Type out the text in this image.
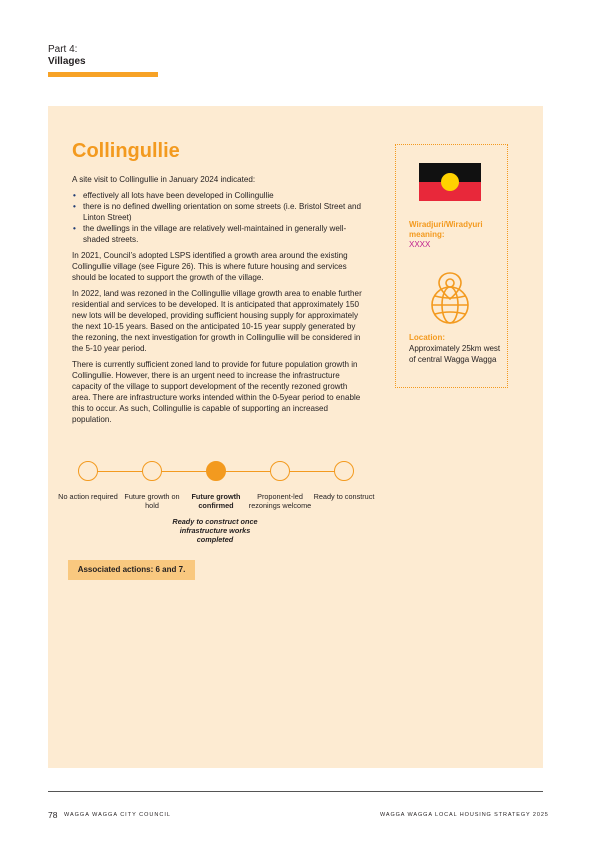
Part 4:
Villages
Collingullie

A site visit to Collingullie in January 2024 indicated:

• effectively all lots have been developed in Collingullie
• there is no defined dwelling orientation on some streets (i.e. Bristol Street and Linton Street)
• the dwellings in the village are relatively well-maintained in generally well-shaded streets.

In 2021, Council’s adopted LSPS identified a growth area around the existing Collingullie village (see Figure 26). This is where future housing and services should be located to support the growth of the village.

In 2022, land was rezoned in the Collingullie village growth area to enable further residential and services to be developed. It is anticipated that approximately 150 new lots will be developed, providing sufficient housing supply for approximately the next 10-15 years. Based on the anticipated 10-15 year supply generated by the rezoning, the next investigation for growth in Collingullie will be considered in the 5-10 year period.

There is currently sufficient zoned land to provide for future population growth in Collingullie. However, there is an urgent need to increase the infrastructure capacity of the village to support development of the recently rezoned growth area. There are infrastructure works intended within the 0-5year period to enable this to occur. As such, Collingullie is capable of supporting an increased population.

Wiradjuri/Wiradyuri meaning:
XXXX
Location:
Approximately 25km west of central Wagga Wagga
No action required Future growth on hold
Future growth confirmed
Proponent-led rezonings welcome
Ready to construct
Ready to construct once infrastructure works completed
Associated actions: 6 and 7.
78 WAGGA WAGGA CITY COUNCIL	WAGGA WAGGA LOCAL HOUSING STRATEGY 2025
